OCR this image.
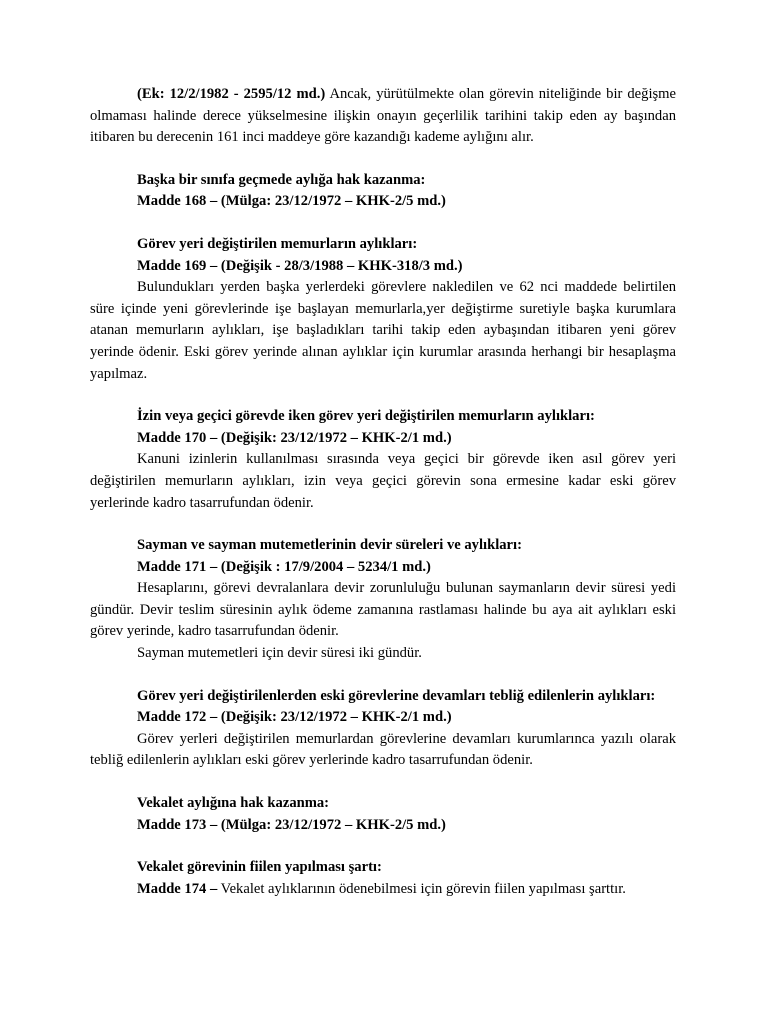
(Ek: 12/2/1982 - 2595/12 md.) Ancak, yürütülmekte olan görevin niteliğinde bir değişme olmaması halinde derece yükselmesine ilişkin onayın geçerlilik tarihini takip eden ay başından itibaren bu derecenin 161 inci maddeye göre kazandığı kademe aylığını alır.

Başka bir sınıfa geçmede aylığa hak kazanma:

Madde 168 – (Mülga: 23/12/1972 – KHK-2/5 md.)

Görev yeri değiştirilen memurların aylıkları:

Madde 169 – (Değişik - 28/3/1988 – KHK-318/3 md.)

Bulundukları yerden başka yerlerdeki görevlere nakledilen ve 62 nci maddede belirtilen süre içinde yeni görevlerinde işe başlayan memurlarla,yer değiştirme suretiyle başka kurumlara atanan memurların aylıkları, işe başladıkları tarihi takip eden aybaşından itibaren yeni görev yerinde ödenir. Eski görev yerinde alınan aylıklar için kurumlar arasında herhangi bir hesaplaşma yapılmaz.

İzin veya geçici görevde iken görev yeri değiştirilen memurların aylıkları:

Madde 170 – (Değişik: 23/12/1972 – KHK-2/1 md.)

Kanuni izinlerin kullanılması sırasında veya geçici bir görevde iken asıl görev yeri değiştirilen memurların aylıkları, izin veya geçici görevin sona ermesine kadar eski görev yerlerinde kadro tasarrufundan ödenir.

Sayman ve sayman mutemetlerinin devir süreleri ve aylıkları:

Madde 171 – (Değişik : 17/9/2004 – 5234/1 md.)

Hesaplarını, görevi devralanlara devir zorunluluğu bulunan saymanların devir süresi yedi gündür. Devir teslim süresinin aylık ödeme zamanına rastlaması halinde bu aya ait aylıkları eski görev yerinde, kadro tasarrufundan ödenir.

Sayman mutemetleri için devir süresi iki gündür.

Görev yeri değiştirilenlerden eski görevlerine devamları tebliğ edilenlerin aylıkları:

Madde 172 – (Değişik: 23/12/1972 – KHK-2/1 md.)

Görev yerleri değiştirilen memurlardan görevlerine devamları kurumlarınca yazılı olarak tebliğ edilenlerin aylıkları eski görev yerlerinde kadro tasarrufundan ödenir.

Vekalet aylığına hak kazanma:

Madde 173 – (Mülga: 23/12/1972 – KHK-2/5 md.)

Vekalet görevinin fiilen yapılması şartı:

Madde 174 – Vekalet aylıklarının ödenebilmesi için görevin fiilen yapılması şarttır.
